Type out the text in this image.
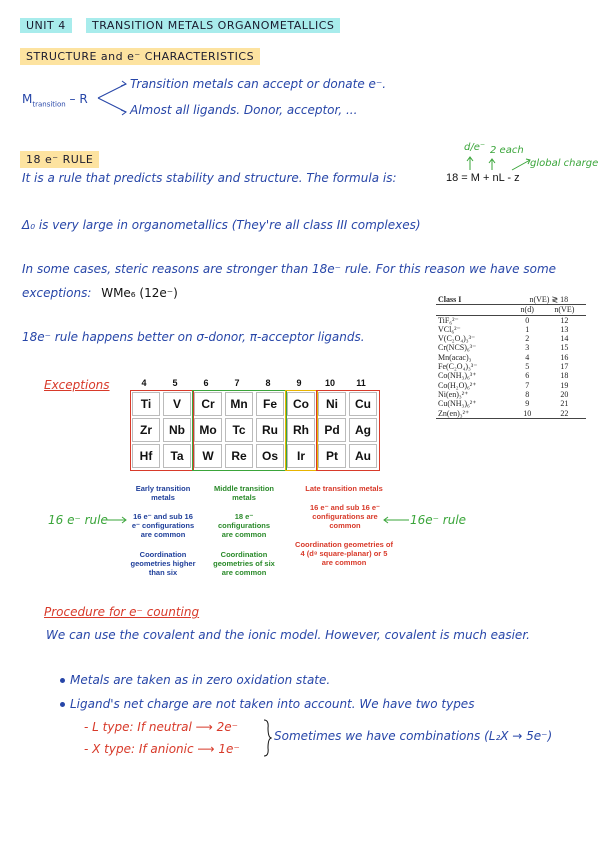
UNIT 4	TRANSITION METALS ORGANOMETALLICS
STRUCTURE and e⁻ CHARACTERISTICS
$M_{transition}$ – R
Transition metals can accept or donate e⁻.
Almost all ligands. Donor, acceptor, ...
18 e⁻ RULE
d/e⁻ 2 each
global charge
It is a rule that predicts stability and structure. The formula is:	18 = M + nL - z
Δ₀ is very large in organometallics (They're all class III complexes)
In some cases, steric reasons are stronger than 18e⁻ rule. For this reason we have some
exceptions: WMe₆ (12e⁻)
18e⁻ rule happens better on σ-donor, π-acceptor ligands.
Class I	n(VE) ≷ 18	
	n(d)	n(VE)
TiF₆²⁻	0	12
VCl₆²⁻	1	13
V(C₂O₄)₃³⁻	2	14
Cr(NCS)₆³⁻	3	15
Mn(acac)₃	4	16
Fe(C₂O₄)₃³⁻	5	17
Co(NH₃)₆³⁺	6	18
Co(H₂O)₆²⁺	7	19
Ni(en)₃²⁺	8	20
Cu(NH₃)₆²⁺	9	21
Zn(en)₃²⁺	10	22
Exceptions	4	5	6	7	8	9	10	11
Ti	V	Cr	Mn	Fe	Co	Ni	Cu
Zr	Nb	Mo	Tc	Ru	Rh	Pd	Ag
Hf	Ta	W	Re	Os	Ir	Pt	Au
Early transition metals
Middle transition metals
Late transition metals
16 e⁻ and sub 16 e⁻ configurations are common
18 e⁻ configurations are common
16 e⁻ and sub 16 e⁻ configurations are common
Coordination geometries higher than six
Coordination geometries of six are common
Coordination geometries of 4 (d⁸ square-planar) or 5 are common
16 e⁻ rule	16e⁻ rule
Procedure for e⁻ counting
We can use the covalent and the ionic model. However, covalent is much easier.
Metals are taken as in zero oxidation state.
Ligand's net charge are not taken into account. We have two types
- L type: If neutral ⟶ 2e⁻
- X type: If anionic ⟶ 1e⁻
Sometimes we have combinations (L₂X → 5e⁻)
